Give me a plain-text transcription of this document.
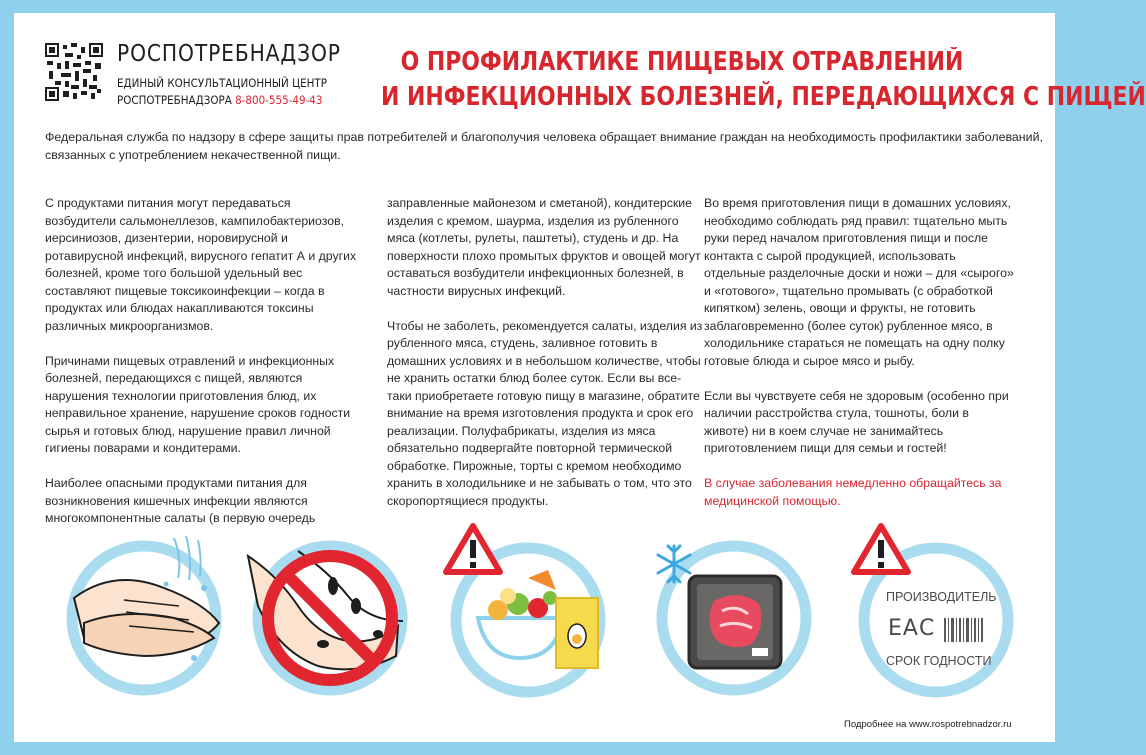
РОСПОТРЕБНАДЗОР
ЕДИНЫЙ КОНСУЛЬТАЦИОННЫЙ ЦЕНТР
РОСПОТРЕБНАДЗОРА 8-800-555-49-43
О ПРОФИЛАКТИКЕ ПИЩЕВЫХ ОТРАВЛЕНИЙ
И ИНФЕКЦИОННЫХ БОЛЕЗНЕЙ, ПЕРЕДАЮЩИХСЯ С ПИЩЕЙ
Федеральная служба по надзору в сфере защиты прав потребителей и благополучия человека обращает внимание граждан на необходимость профилактики заболеваний, связанных с употреблением некачественной пищи.

С продуктами питания могут передаваться возбудители сальмонеллезов, кампилобактериозов, иерсиниозов, дизентерии, норовирусной и ротавирусной инфекций, вирусного гепатит А и других болезней, кроме того большой удельный вес составляют пищевые токсикоинфекции – когда в продуктах или блюдах накапливаются токсины различных микроорганизмов.

Причинами пищевых отравлений и инфекционных болезней, передающихся с пищей, являются нарушения технологии приготовления блюд, их неправильное хранение, нарушение сроков годности сырья и готовых блюд, нарушение правил личной гигиены поварами и кондитерами.

Наиболее опасными продуктами питания для возникновения кишечных инфекции являются многокомпонентные салаты (в первую очередь

заправленные майонезом и сметаной), кондитерские изделия с кремом, шаурма, изделия из рубленного мяса (котлеты, рулеты, паштеты), студень и др. На поверхности плохо промытых фруктов и овощей могут оставаться возбудители инфекционных болезней, в частности вирусных инфекций.

Чтобы не заболеть, рекомендуется салаты, изделия из рубленного мяса, студень, заливное готовить в домашних условиях и в небольшом количестве, чтобы не хранить остатки блюд более суток. Если вы все-таки приобретаете готовую пищу в магазине, обратите внимание на время изготовления продукта и срок его реализации. Полуфабрикаты, изделия из мяса обязательно подвергайте повторной термической обработке. Пирожные, торты с кремом необходимо хранить в холодильнике и не забывать о том, что это скоропортящиеся продукты.

Во время приготовления пищи в домашних условиях, необходимо соблюдать ряд правил: тщательно мыть руки перед началом приготовления пищи и после контакта с сырой продукцией, использовать отдельные разделочные доски и ножи – для «сырого» и «готового», тщательно промывать (с обработкой кипятком) зелень, овощи и фрукты, не готовить заблаговременно (более суток) рубленное мясо, в холодильнике стараться не помещать на одну полку готовые блюда и сырое мясо и рыбу.

Если вы чувствуете себя не здоровым (особенно при наличии расстройства стула, тошноты, боли в животе) ни в коем случае не занимайтесь приготовлением пищи для семьи и гостей!

В случае заболевания немедленно обращайтесь за медицинской помощью.

ПРОИЗВОДИТЕЛЬ
ЕАС
СРОК ГОДНОСТИ
Подробнее на www.rospotrebnadzor.ru
